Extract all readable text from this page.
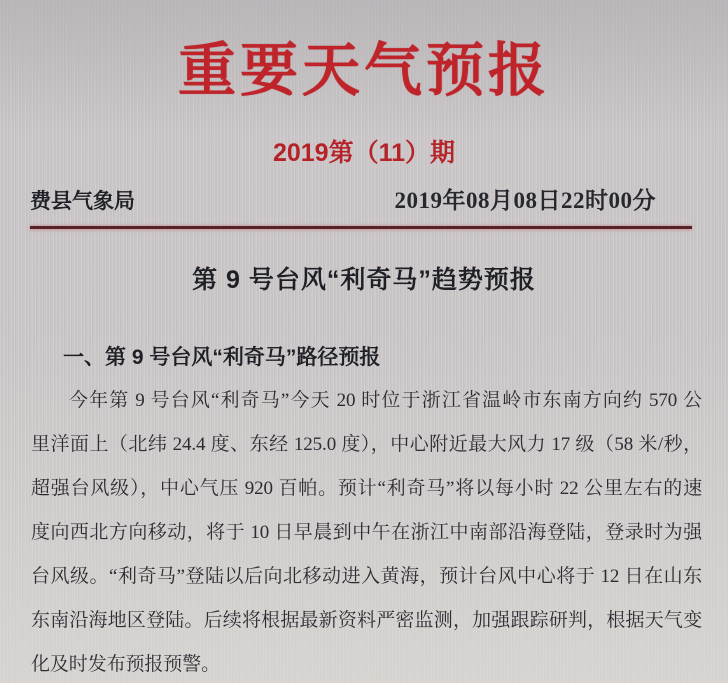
重要天气预报
2019第（11）期
费县气象局	2019年08月08日22时00分
第 9 号台风“利奇马”趋势预报
一、第 9 号台风“利奇马”路径预报
今年第 9 号台风“利奇马”今天 20 时位于浙江省温岭市东南方向约 570 公
里洋面上（北纬 24.4 度、东经 125.0 度），中心附近最大风力 17 级（58 米/秒，
超强台风级），中心气压 920 百帕。预计“利奇马”将以每小时 22 公里左右的速
度向西北方向移动，将于 10 日早晨到中午在浙江中南部沿海登陆，登录时为强
台风级。“利奇马”登陆以后向北移动进入黄海，预计台风中心将于 12 日在山东
东南沿海地区登陆。后续将根据最新资料严密监测，加强跟踪研判，根据天气变
化及时发布预报预警。
